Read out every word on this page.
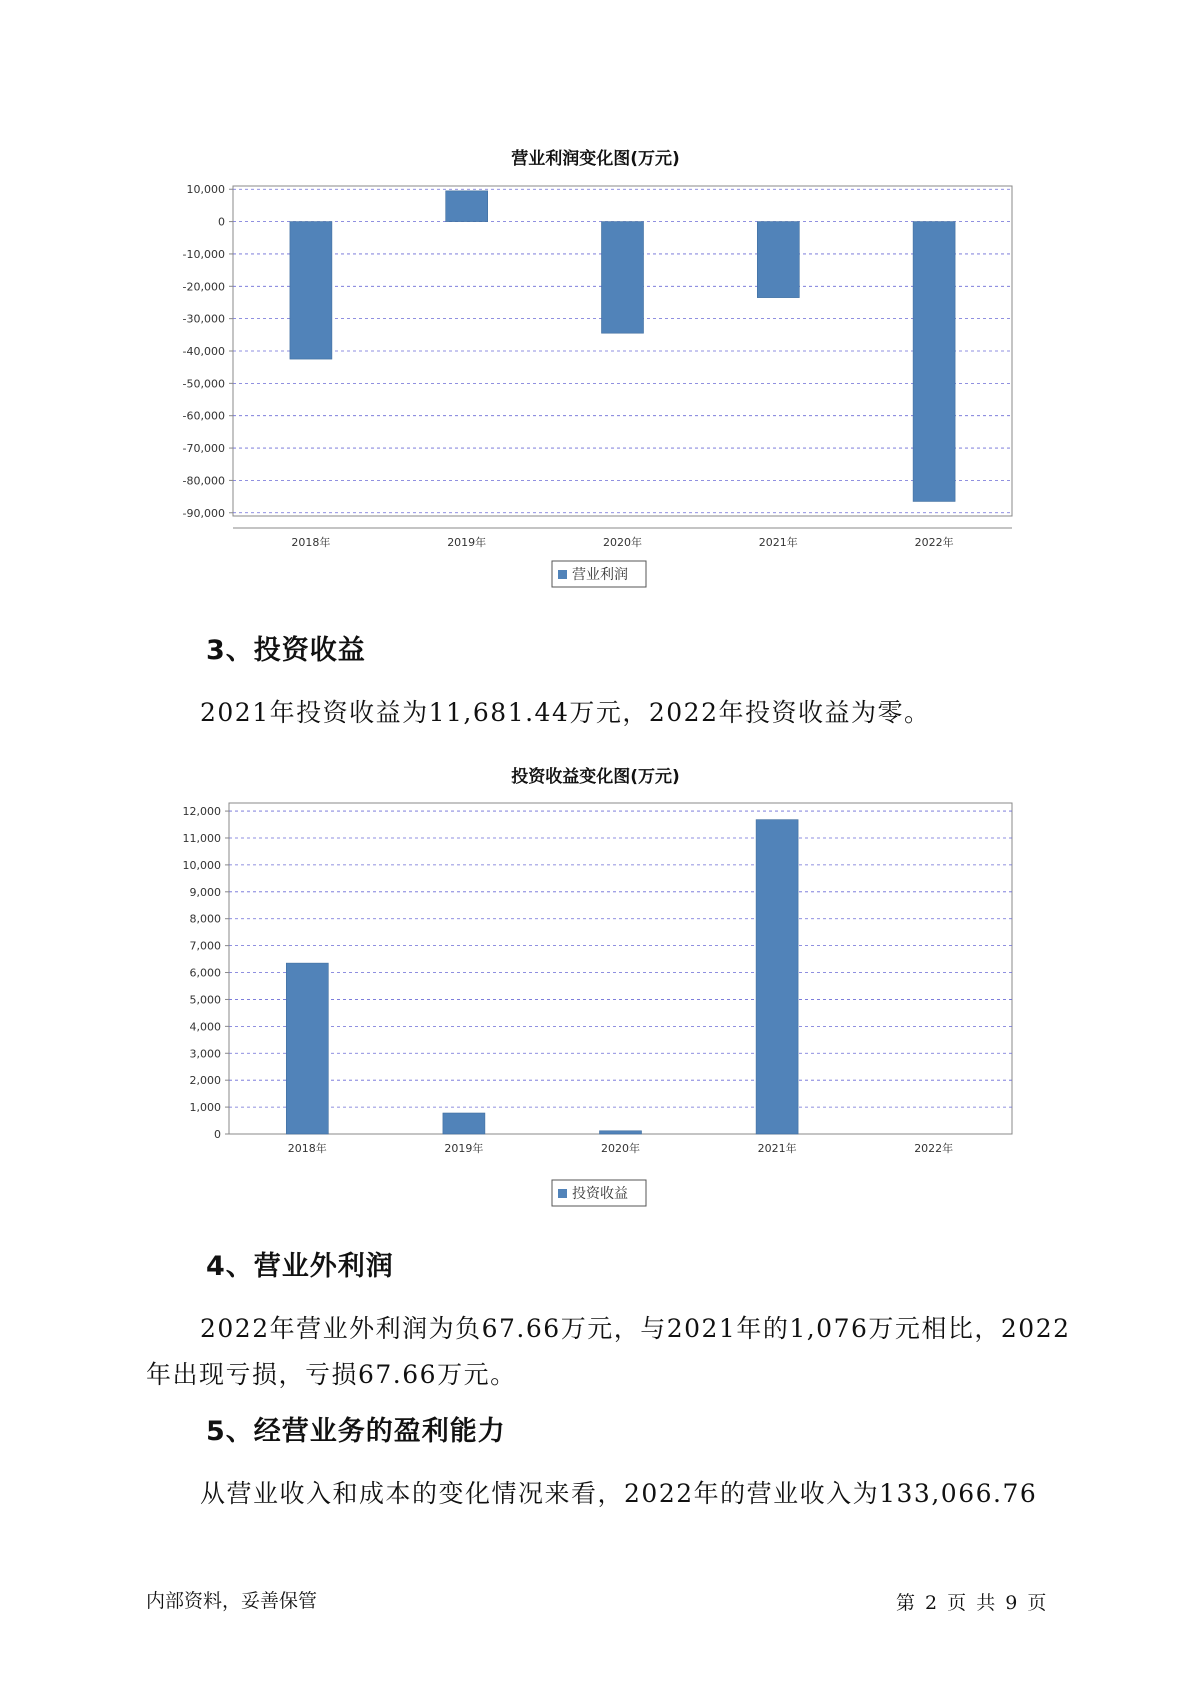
营业利润变化图(万元)
10,000
0
-10,000
-20,000
-30,000
-40,000
-50,000
-60,000
-70,000
-80,000
-90,000
2018年	2019年	2020年	2021年	2022年
营业利润
3、投资收益
2021年投资收益为11,681.44万元，2022年投资收益为零。
投资收益变化图(万元)
12,000
11,000
10,000
9,000
8,000
7,000
6,000
5,000
4,000
3,000
2,000
1,000
0
2018年	2019年	2020年	2021年	2022年
投资收益
4、营业外利润
2022年营业外利润为负67.66万元，与2021年的1,076万元相比，2022
年出现亏损，亏损67.66万元。
5、经营业务的盈利能力
从营业收入和成本的变化情况来看，2022年的营业收入为133,066.76
内部资料，妥善保管	第 2 页 共 9 页
